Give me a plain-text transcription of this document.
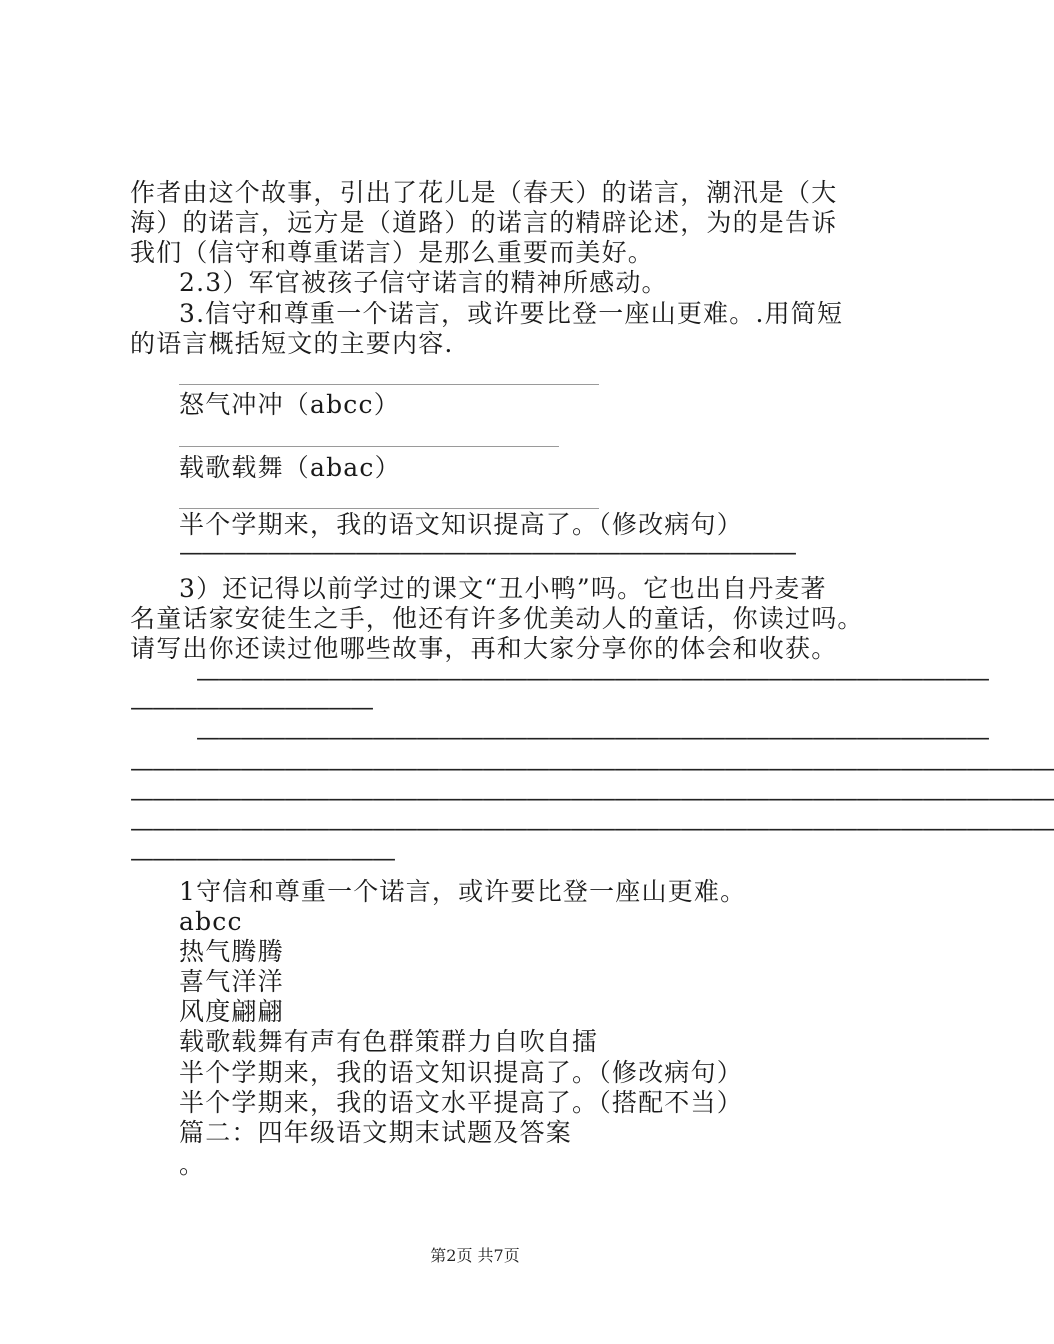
作者由这个故事，引出了花儿是（春天）的诺言，潮汛是（大
海）的诺言，远方是（道路）的诺言的精辟论述，为的是告诉
我们（信守和尊重诺言）是那么重要而美好。
2.3）军官被孩子信守诺言的精神所感动。
3.信守和尊重一个诺言，或许要比登一座山更难。.用简短
的语言概括短文的主要内容.
怒气冲冲（abcc）
载歌载舞（abac）
半个学期来，我的语文知识提高了。（修改病句）
————————————————————————————
3）还记得以前学过的课文“丑小鸭”吗。它也出自丹麦著
名童话家安徒生之手，他还有许多优美动人的童话，你读过吗。
请写出你还读过他哪些故事，再和大家分享你的体会和收获。
————————————————————————————————————
———————————
————————————————————————————————————
——————————————————————————————————————————
——————————————————————————————————————————
——————————————————————————————————————————
————————————
1守信和尊重一个诺言，或许要比登一座山更难。
abcc
热气腾腾
喜气洋洋
风度翩翩
载歌载舞有声有色群策群力自吹自擂
半个学期来，我的语文知识提高了。（修改病句）
半个学期来，我的语文水平提高了。（搭配不当）
篇二：四年级语文期末试题及答案
。
第2页 共7页
